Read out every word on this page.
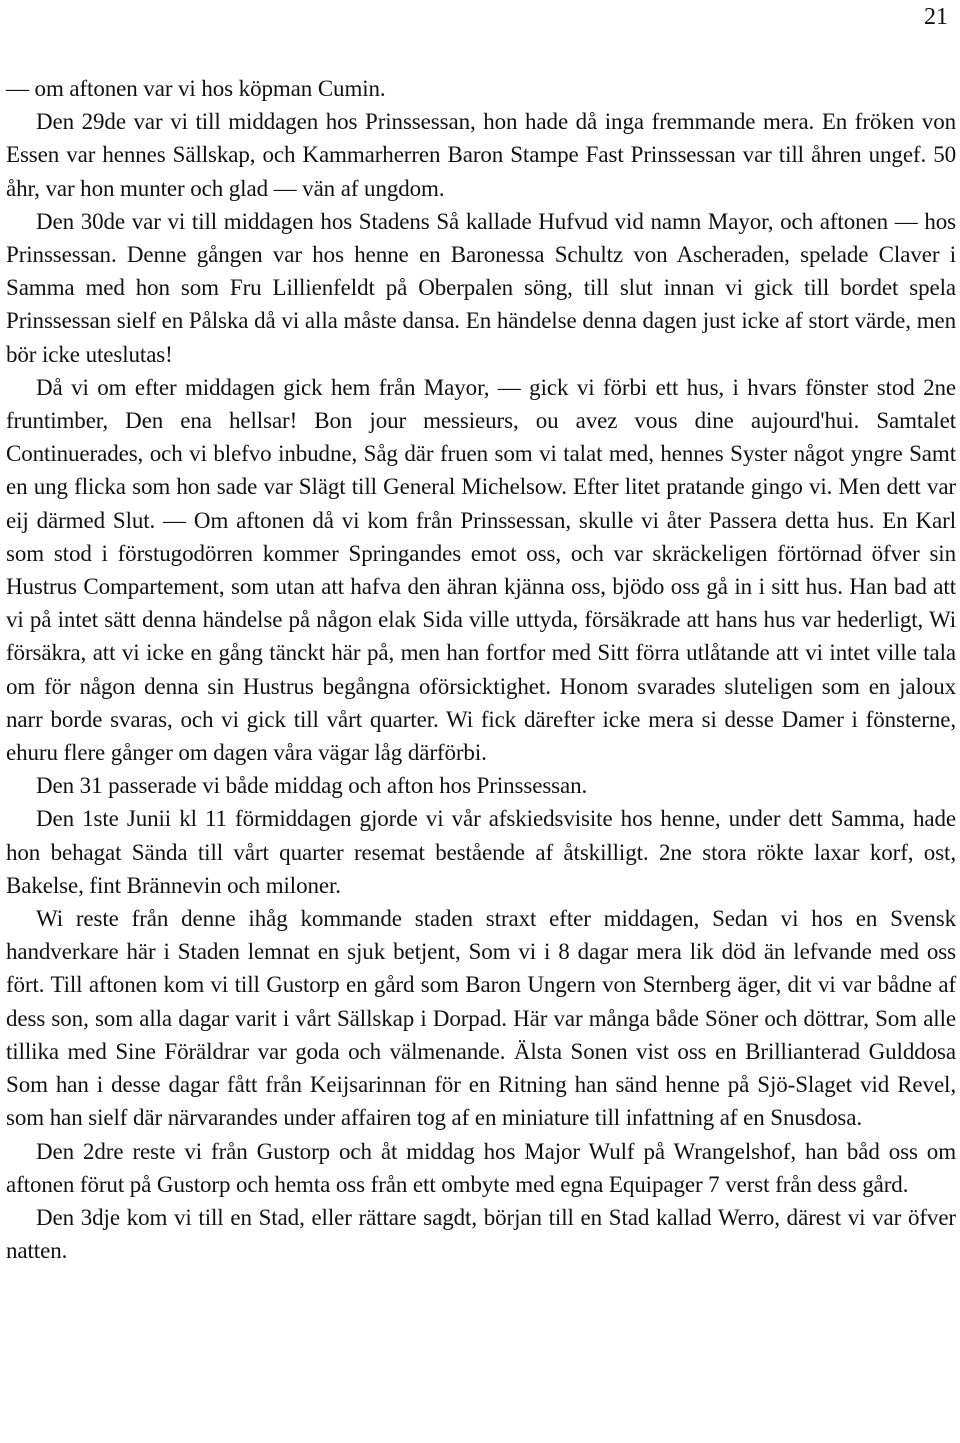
21

— om aftonen var vi hos köpman Cumin.

Den 29de var vi till middagen hos Prinssessan, hon hade då inga fremmande mera. En fröken von Essen var hennes Sällskap, och Kammarherren Baron Stampe Fast Prinssessan var till åhren ungef. 50 åhr, var hon munter och glad — vän af ungdom.

Den 30de var vi till middagen hos Stadens Så kallade Hufvud vid namn Mayor, och aftonen — hos Prinssessan. Denne gången var hos henne en Baronessa Schultz von Ascheraden, spelade Claver i Samma med hon som Fru Lillienfeldt på Oberpalen söng, till slut innan vi gick till bordet spela Prinssessan sielf en Pålska då vi alla måste dansa. En händelse denna dagen just icke af stort värde, men bör icke uteslutas!

Då vi om efter middagen gick hem från Mayor, — gick vi förbi ett hus, i hvars fönster stod 2ne fruntimber, Den ena hellsar! Bon jour messieurs, ou avez vous dine aujourd'hui. Samtalet Continuerades, och vi blefvo inbudne, Såg där fruen som vi talat med, hennes Syster något yngre Samt en ung flicka som hon sade var Slägt till General Michelsow. Efter litet pratande gingo vi. Men dett var eij därmed Slut. — Om aftonen då vi kom från Prinssessan, skulle vi åter Passera detta hus. En Karl som stod i förstugodörren kommer Springandes emot oss, och var skräckeligen förtörnad öfver sin Hustrus Compartement, som utan att hafva den ähran kjänna oss, bjödo oss gå in i sitt hus. Han bad att vi på intet sätt denna händelse på någon elak Sida ville uttyda, försäkrade att hans hus var hederligt, Wi försäkra, att vi icke en gång tänckt här på, men han fortfor med Sitt förra utlåtande att vi intet ville tala om för någon denna sin Hustrus begångna oförsicktighet. Honom svarades sluteligen som en jaloux narr borde svaras, och vi gick till vårt quarter. Wi fick därefter icke mera si desse Damer i fönsterne, ehuru flere gånger om dagen våra vägar låg därförbi.

Den 31 passerade vi både middag och afton hos Prinssessan.

Den 1ste Junii kl 11 förmiddagen gjorde vi vår afskiedsvisite hos henne, under dett Samma, hade hon behagat Sända till vårt quarter resemat bestående af åtskilligt. 2ne stora rökte laxar korf, ost, Bakelse, fint Brännevin och miloner.

Wi reste från denne ihåg kommande staden straxt efter middagen, Sedan vi hos en Svensk handverkare här i Staden lemnat en sjuk betjent, Som vi i 8 dagar mera lik död än lefvande med oss fört. Till aftonen kom vi till Gustorp en gård som Baron Ungern von Sternberg äger, dit vi var bådne af dess son, som alla dagar varit i vårt Sällskap i Dorpad. Här var många både Söner och döttrar, Som alle tillika med Sine Föräldrar var goda och välmenande. Älsta Sonen vist oss en Brillianterad Gulddosa Som han i desse dagar fått från Keijsarinnan för en Ritning han sänd henne på Sjö-Slaget vid Revel, som han sielf där närvarandes under affairen tog af en miniature till infattning af en Snusdosa.

Den 2dre reste vi från Gustorp och åt middag hos Major Wulf på Wrangelshof, han båd oss om aftonen förut på Gustorp och hemta oss från ett ombyte med egna Equipager 7 verst från dess gård.

Den 3dje kom vi till en Stad, eller rättare sagdt, början till en Stad kallad Werro, därest vi var öfver natten.
